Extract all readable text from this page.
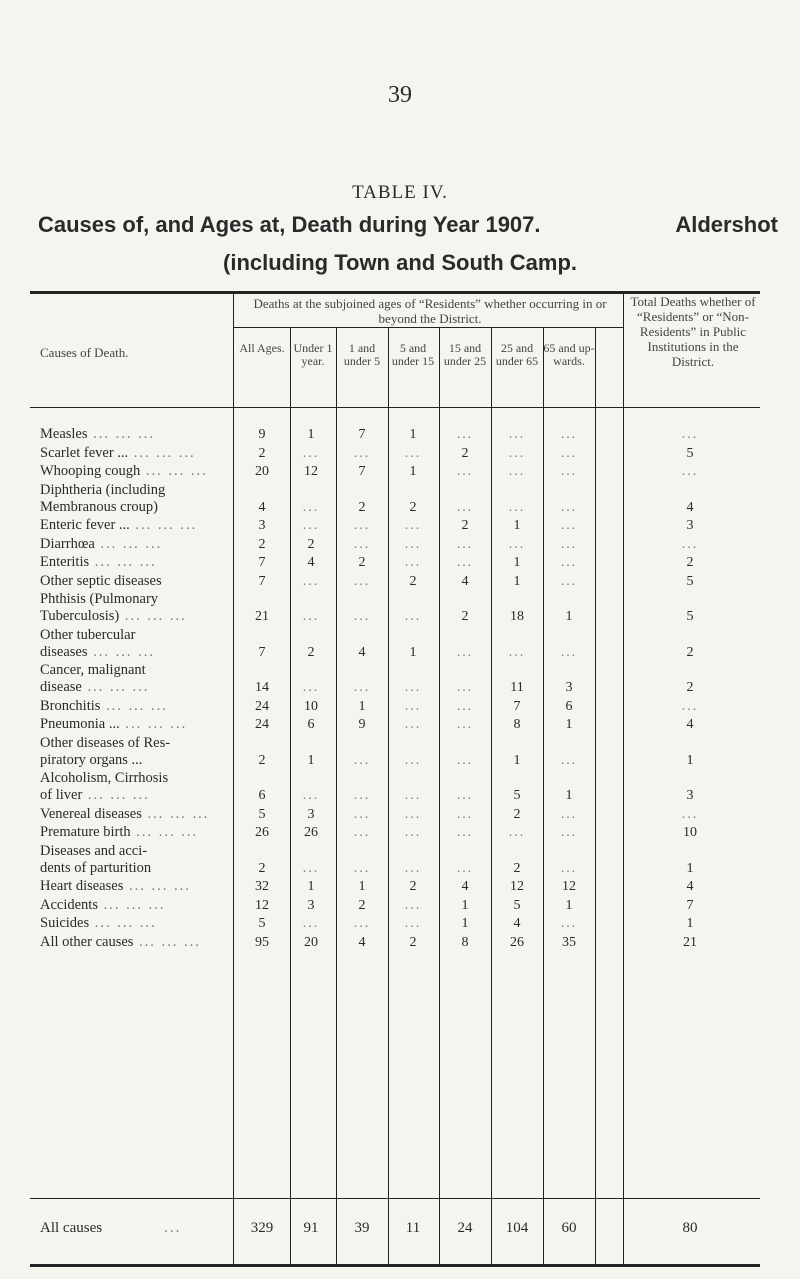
39
TABLE IV.
Causes of, and Ages at, Death during Year 1907.	Aldershot
(including Town and South Camp.
Causes of Death.
Deaths at the subjoined ages of “Residents” whether occurring in or beyond the District.
Total Deaths whether of “Residents” or “Non-Residents” in Public Institutions in the District.
All Ages. Under 1 year.
1 and under 5
5 and under 15
15 and under 25
25 and under 65
65 and up-wards.
Measles ... ... ...	9	1	7	1	...	...	...	...
Scarlet fever ... ... ... ...	2	...	...	...	2	...	...	5
Whooping cough ... ... ...	20	12	7	1	...	...	...	...
Diphtheria (including
Membranous croup)	4	...	2	2	...	...	...	4
Enteric fever ... ... ... ...	3	...	...	...	2	1	...	3
Diarrhœa ... ... ...	2	2	...	...	...	...	...	...
Enteritis ... ... ...	7	4	2	...	...	1	...	2
Other septic diseases	7	...	...	2	4	1	...	5
Phthisis (Pulmonary
Tuberculosis) ... ... ...	21	...	...	...	2	18	1	5
Other tubercular
diseases ... ... ...	7	2	4	1	...	...	...	2
Cancer, malignant
disease ... ... ...	14	...	...	...	...	11	3	2
Bronchitis ... ... ...	24	10	1	...	...	7	6	...
Pneumonia ... ... ... ...	24	6	9	...	...	8	1	4
Other diseases of Res-
piratory organs ...	2	1	...	...	...	1	...	1
Alcoholism, Cirrhosis
of liver ... ... ...	6	...	...	...	...	5	1	3
Venereal diseases ... ... ...	5	3	...	...	...	2	...	...
Premature birth ... ... ...	26	26	...	...	...	...	...	10
Diseases and acci-
dents of parturition	2	...	...	...	...	2	...	1
Heart diseases ... ... ...	32	1	1	2	4	12	12	4
Accidents ... ... ...	12	3	2	...	1	5	1	7
Suicides ... ... ...	5	...	...	...	1	4	...	1
All other causes ... ... ...	95	20	4	2	8	26	35	21
All causes	...	329	91	39	11	24	104	60	80
